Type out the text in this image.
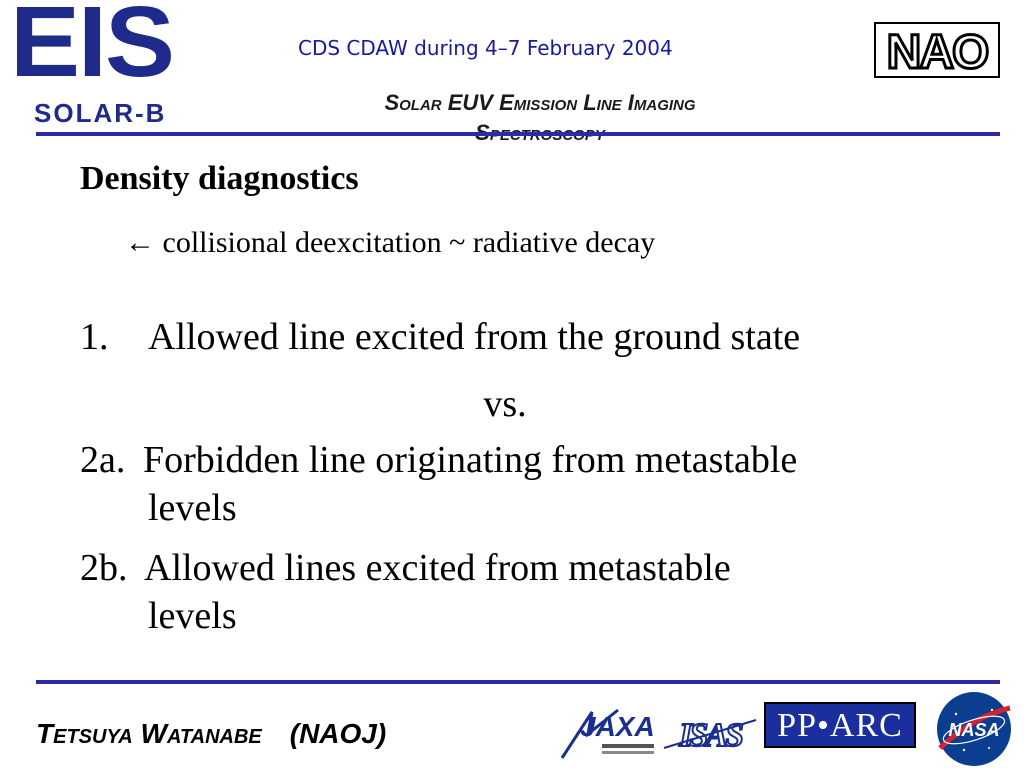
EIS
SOLAR-B
CDS CDAW during 4–7 February 2004
Solar EUV Emission Line Imaging
NAO
Density diagnostics
← collisional deexcitation ~ radiative decay
1. Allowed line excited from the ground state
vs.
2a. Forbidden line originating from metastable
levels
2b. Allowed lines excited from metastable
levels
Tetsuya Watanabe　(NAOJ)	JAXA ISAS	PP•ARC	NASA
